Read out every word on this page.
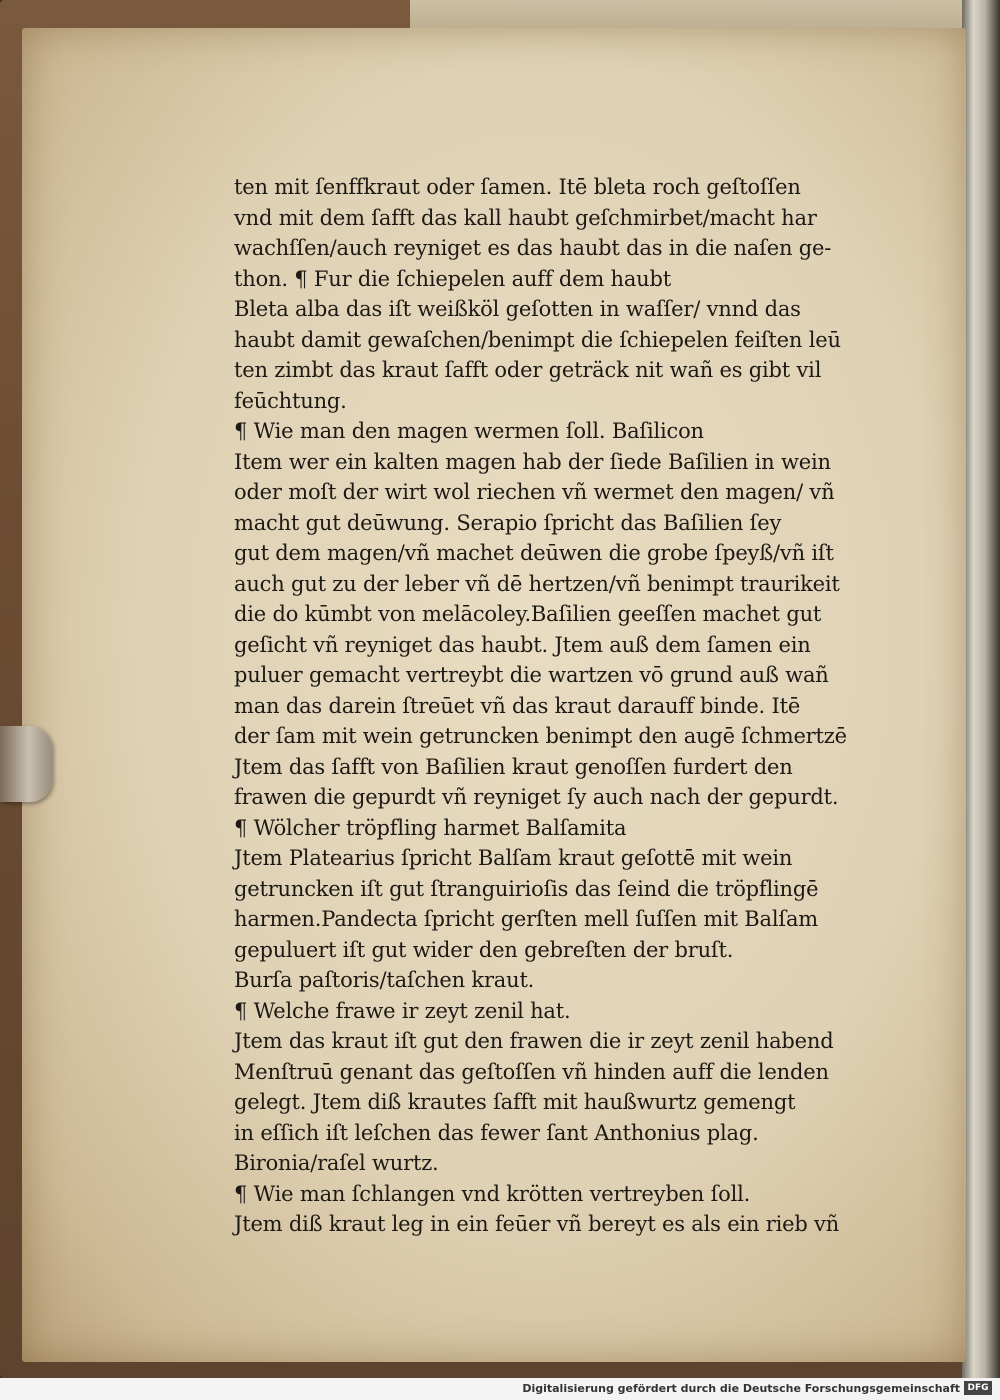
ten mit ſenffkraut oder ſamen. Itē bleta roch geſtoſſen
vnd mit dem ſafft das kall haubt geſchmirbet/macht har
wachſſen/auch reyniget es das haubt das in die naſen ge-
thon. ¶ Fur die ſchiepelen auff dem haubt
Bleta alba das iſt weißköl geſotten in waſſer/ vnnd das
haubt damit gewaſchen/benimpt die ſchiepelen feiſten leū
ten zimbt das kraut ſafft oder geträck nit wañ es gibt vil
feūchtung.
¶ Wie man den magen wermen ſoll. Baſilicon
Item wer ein kalten magen hab der ſiede Baſilien in wein
oder moſt der wirt wol riechen vñ wermet den magen/ vñ
macht gut deūwung. Serapio ſpricht das Baſilien ſey
gut dem magen/vñ machet deūwen die grobe ſpeyß/vñ iſt
auch gut zu der leber vñ dē hertzen/vñ benimpt traurikeit
die do kūmbt von melācoley.Baſilien geeſſen machet gut
geſicht vñ reyniget das haubt. Jtem auß dem ſamen ein
puluer gemacht vertreybt die wartzen vō grund auß wañ
man das darein ſtreūet vñ das kraut darauff binde. Itē
der ſam mit wein getruncken benimpt den augē ſchmertzē
Jtem das ſafft von Baſilien kraut genoſſen furdert den
frawen die gepurdt vñ reyniget ſy auch nach der gepurdt.
¶ Wölcher tröpfling harmet Balſamita
Jtem Platearius ſpricht Balſam kraut geſottē mit wein
getruncken iſt gut ſtranguirioſis das ſeind die tröpflingē
harmen.Pandecta ſpricht gerſten mell ſuſſen mit Balſam
gepuluert iſt gut wider den gebreſten der bruſt.
Burſa paſtoris/taſchen kraut.
¶ Welche frawe ir zeyt zenil hat.
Jtem das kraut iſt gut den frawen die ir zeyt zenil habend
Menſtruū genant das geſtoſſen vñ hinden auff die lenden
gelegt. Jtem diß krautes ſafft mit haußwurtz gemengt
in eſſich iſt leſchen das fewer ſant Anthonius plag.
Bironia/raſel wurtz.
¶ Wie man ſchlangen vnd krötten vertreyben ſoll.
Jtem diß kraut leg in ein feūer vñ bereyt es als ein rieb vñ
Digitalisierung gefördert durch die Deutsche Forschungsgemeinschaft DFG
